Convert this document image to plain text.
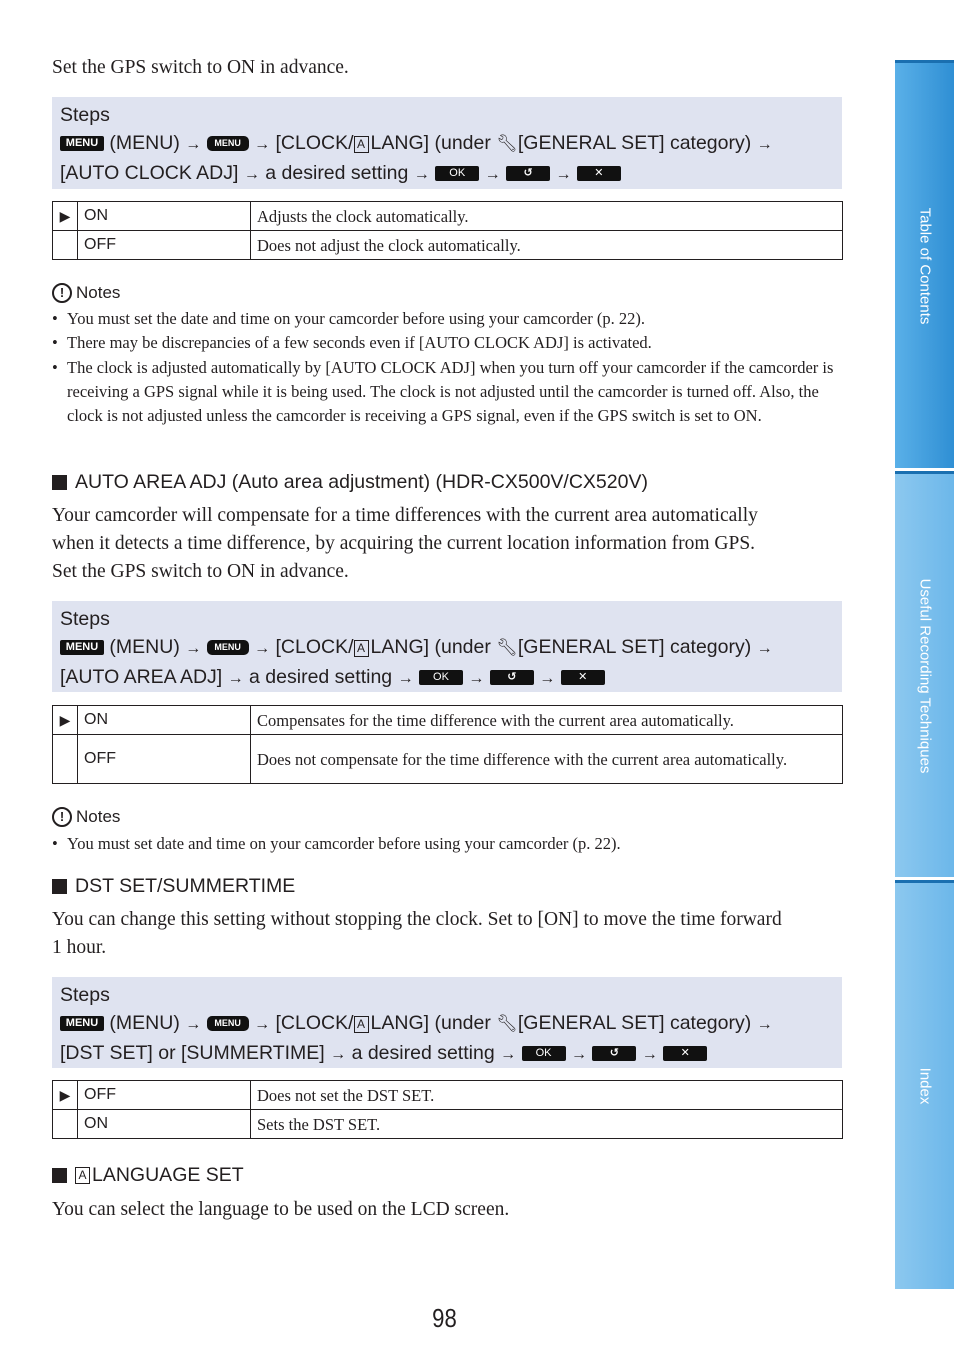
Set the GPS switch to ON in advance.
Steps
MENU (MENU) → MENU → [CLOCK/ A LANG] (under 🔧︎[GENERAL SET] category) →
[AUTO CLOCK ADJ] → a desired setting → OK → ↺ → ✕
▶	ON	Adjusts the clock automatically.
	OFF	Does not adjust the clock automatically.
! Notes
• You must set the date and time on your camcorder before using your camcorder (p. 22).
• There may be discrepancies of a few seconds even if [AUTO CLOCK ADJ] is activated.
• The clock is adjusted automatically by [AUTO CLOCK ADJ] when you turn off your camcorder if the camcorder is receiving a GPS signal while it is being used. The clock is not adjusted until the camcorder is turned off. Also, the clock is not adjusted unless the camcorder is receiving a GPS signal, even if the GPS switch is set to ON.
AUTO AREA ADJ (Auto area adjustment) (HDR-CX500V/CX520V)
Your camcorder will compensate for a time differences with the current area automatically
when it detects a time difference, by acquiring the current location information from GPS.
Set the GPS switch to ON in advance.
Steps
MENU (MENU) → MENU → [CLOCK/ A LANG] (under 🔧︎[GENERAL SET] category) →
[AUTO AREA ADJ] → a desired setting → OK → ↺ → ✕
▶	ON	Compensates for the time difference with the current area automatically.
	OFF	Does not compensate for the time difference with the current area automatically.
! Notes
• You must set date and time on your camcorder before using your camcorder (p. 22).
DST SET/SUMMERTIME
You can change this setting without stopping the clock. Set to [ON] to move the time forward
1 hour.
Steps
MENU (MENU) → MENU → [CLOCK/ A LANG] (under 🔧︎[GENERAL SET] category) →
[DST SET] or [SUMMERTIME] → a desired setting → OK → ↺ → ✕
▶	OFF	Does not set the DST SET.
	ON	Sets the DST SET.
A LANGUAGE SET
You can select the language to be used on the LCD screen.
Table of Contents
Useful Recording Techniques
Index
98
